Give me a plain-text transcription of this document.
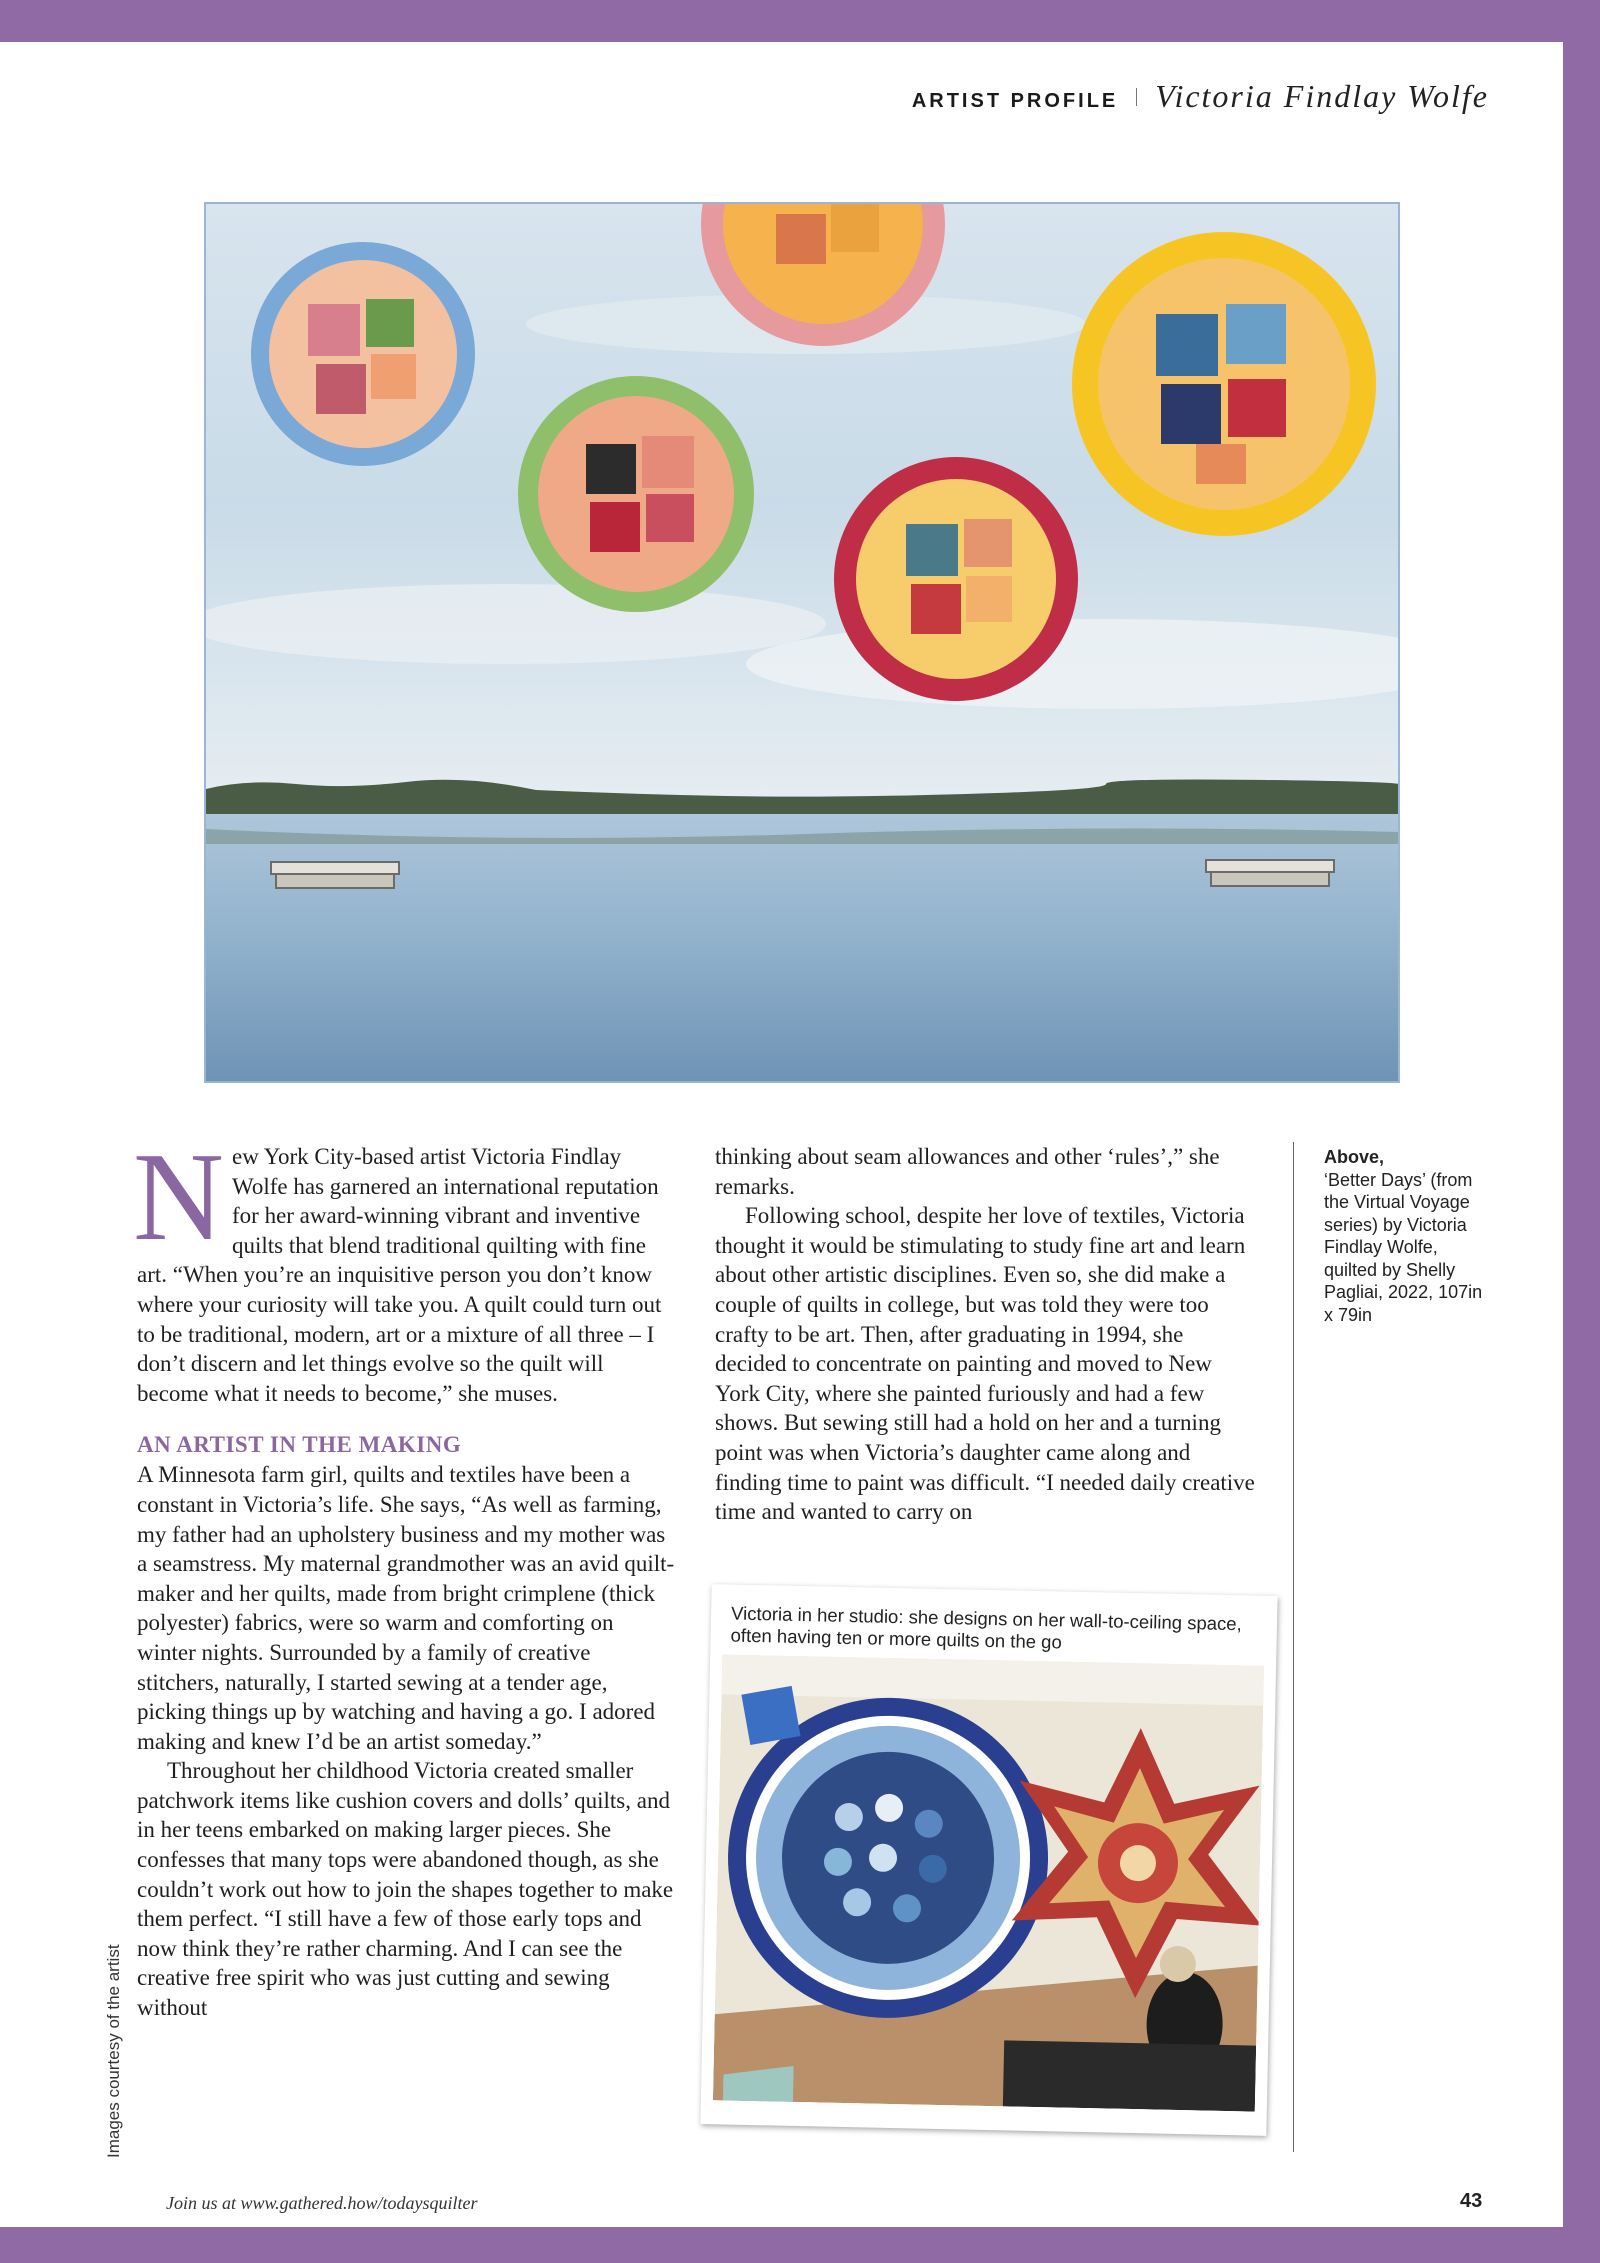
ARTIST PROFILE Victoria Findlay Wolfe

New York City-based artist Victoria Findlay Wolfe has garnered an international reputation for her award-winning vibrant and inventive quilts that blend traditional quilting with fine art. “When you’re an inquisitive person you don’t know where your curiosity will take you. A quilt could turn out to be traditional, modern, art or a mixture of all three – I don’t discern and let things evolve so the quilt will become what it needs to become,” she muses.

AN ARTIST IN THE MAKING

A Minnesota farm girl, quilts and textiles have been a constant in Victoria’s life. She says, “As well as farming, my father had an upholstery business and my mother was a seamstress. My maternal grandmother was an avid quilt-maker and her quilts, made from bright crimplene (thick polyester) fabrics, were so warm and comforting on winter nights. Surrounded by a family of creative stitchers, naturally, I started sewing at a tender age, picking things up by watching and having a go. I adored making and knew I’d be an artist someday.”

Throughout her childhood Victoria created smaller patchwork items like cushion covers and dolls’ quilts, and in her teens embarked on making larger pieces. She confesses that many tops were abandoned though, as she couldn’t work out how to join the shapes together to make them perfect. “I still have a few of those early tops and now think they’re rather charming. And I can see the creative free spirit who was just cutting and sewing without

thinking about seam allowances and other ‘rules’,” she remarks.

Following school, despite her love of textiles, Victoria thought it would be stimulating to study fine art and learn about other artistic disciplines. Even so, she did make a couple of quilts in college, but was told they were too crafty to be art. Then, after graduating in 1994, she decided to concentrate on painting and moved to New York City, where she painted furiously and had a few shows. But sewing still had a hold on her and a turning point was when Victoria’s daughter came along and finding time to paint was difficult. “I needed daily creative time and wanted to carry on

Above,
‘Better Days’ (from the Virtual Voyage series) by Victoria Findlay Wolfe, quilted by Shelly Pagliai, 2022, 107in x 79in
Victoria in her studio: she designs on her wall-to-ceiling space, often having ten or more quilts on the go
Images courtesy of the artist
Join us at www.gathered.how/todaysquilter	43
